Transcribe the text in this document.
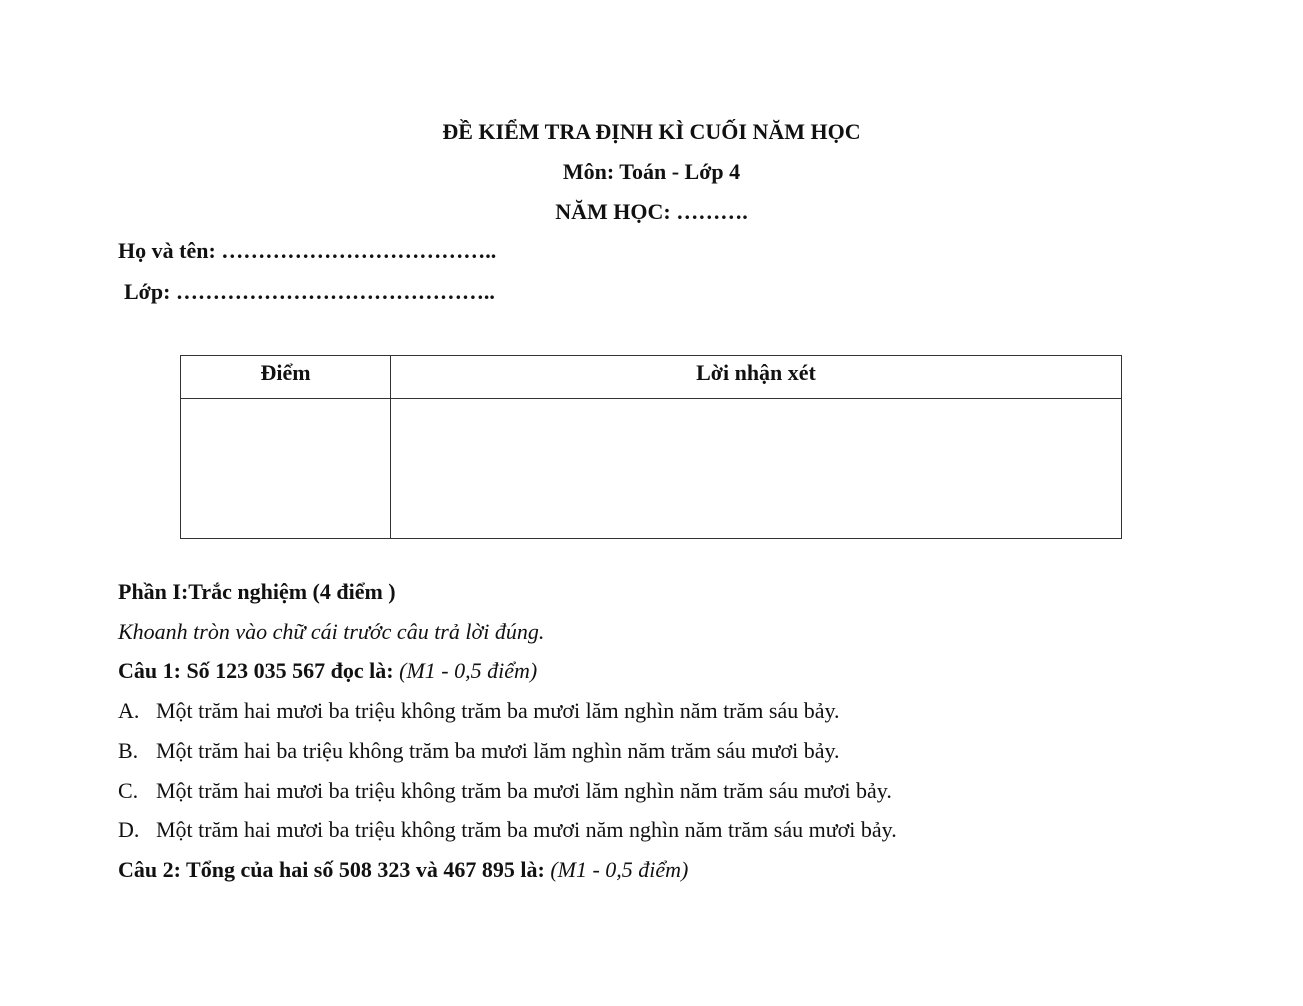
ĐỀ KIỂM TRA ĐỊNH KÌ CUỐI NĂM HỌC
Môn: Toán - Lớp 4
NĂM HỌC: ……….
Họ và tên: ………………………………..
Lớp: ……………………………………..
Điểm	Lời nhận xét

Phần I:Trắc nghiệm (4 điểm )
Khoanh tròn vào chữ cái trước câu trả lời đúng.
Câu 1: Số 123 035 567 đọc là: (M1 - 0,5 điểm)
A. Một trăm hai mươi ba triệu không trăm ba mươi lăm nghìn năm trăm sáu bảy.
B. Một trăm hai ba triệu không trăm ba mươi lăm nghìn năm trăm sáu mươi bảy.
C. Một trăm hai mươi ba triệu không trăm ba mươi lăm nghìn năm trăm sáu mươi bảy.
D. Một trăm hai mươi ba triệu không trăm ba mươi năm nghìn năm trăm sáu mươi bảy.
Câu 2: Tổng của hai số 508 323 và 467 895 là: (M1 - 0,5 điểm)
